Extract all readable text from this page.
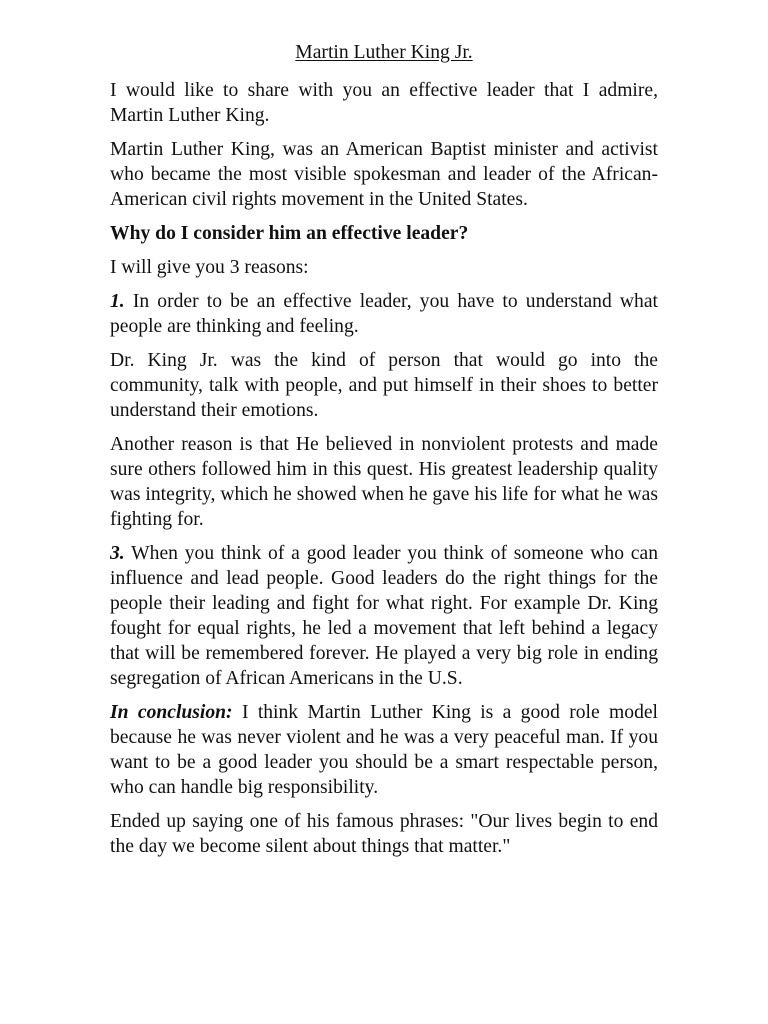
Martin Luther King Jr.

I would like to share with you an effective leader that I admire, Martin Luther King.

Martin Luther King, was an American Baptist minister and activist who became the most visible spokesman and leader of the African-American civil rights movement in the United States.

Why do I consider him an effective leader?

I will give you 3 reasons:

1. In order to be an effective leader, you have to understand what people are thinking and feeling.

Dr. King Jr. was the kind of person that would go into the community, talk with people, and put himself in their shoes to better understand their emotions.

Another reason is that He believed in nonviolent protests and made sure others followed him in this quest. His greatest leadership quality was integrity, which he showed when he gave his life for what he was fighting for.

3. When you think of a good leader you think of someone who can influence and lead people. Good leaders do the right things for the people their leading and fight for what right. For example Dr. King fought for equal rights, he led a movement that left behind a legacy that will be remembered forever. He played a very big role in ending segregation of African Americans in the U.S.

In conclusion: I think Martin Luther King is a good role model because he was never violent and he was a very peaceful man. If you want to be a good leader you should be a smart respectable person, who can handle big responsibility.

Ended up saying one of his famous phrases: "Our lives begin to end the day we become silent about things that matter."
